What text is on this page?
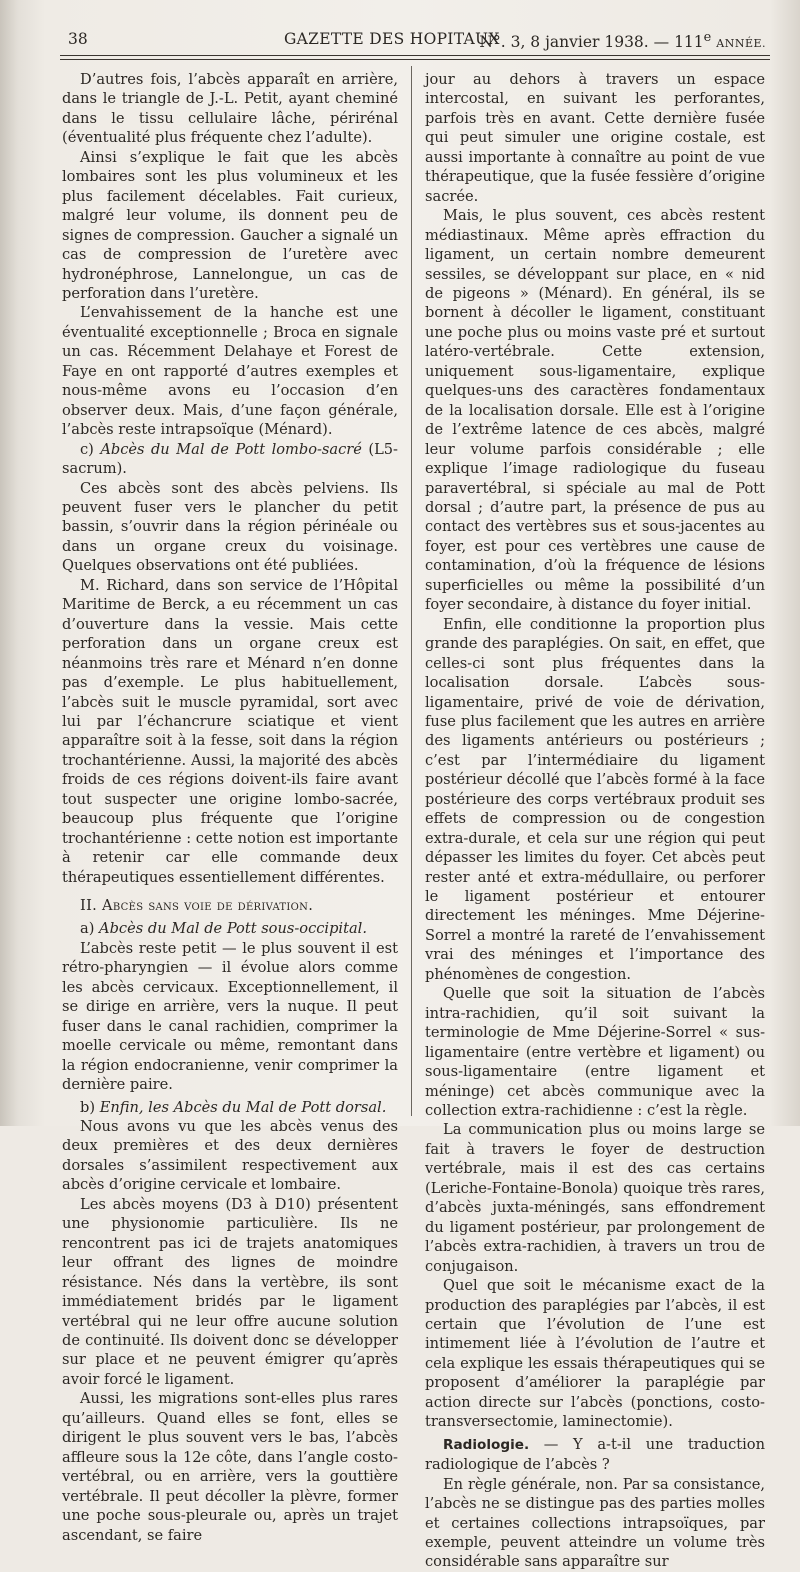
38	GAZETTE DES HOPITAUX
N°. 3, 8 janvier 1938. — 111e ANNÉE.

D’autres fois, l’abcès apparaît en arrière, dans le triangle de J.-L. Petit, ayant cheminé dans le tissu cellulaire lâche, périrénal (éventualité plus fréquente chez l’adulte).

Ainsi s’explique le fait que les abcès lombaires sont les plus volumineux et les plus facilement décelables. Fait curieux, malgré leur volume, ils donnent peu de signes de compression. Gaucher a signalé un cas de compression de l’uretère avec hydronéphrose, Lannelongue, un cas de perforation dans l’uretère.

L’envahissement de la hanche est une éventualité exceptionnelle ; Broca en signale un cas. Récemment Delahaye et Forest de Faye en ont rapporté d’autres exemples et nous-même avons eu l’occasion d’en observer deux. Mais, d’une façon générale, l’abcès reste intrapsoïque (Ménard).

c) Abcès du Mal de Pott lombo-sacré (L5-sacrum).

Ces abcès sont des abcès pelviens. Ils peuvent fuser vers le plancher du petit bassin, s’ouvrir dans la région périnéale ou dans un organe creux du voisinage. Quelques observations ont été publiées.

M. Richard, dans son service de l’Hôpital Maritime de Berck, a eu récemment un cas d’ouverture dans la vessie. Mais cette perforation dans un organe creux est néanmoins très rare et Ménard n’en donne pas d’exemple. Le plus habituellement, l’abcès suit le muscle pyramidal, sort avec lui par l’échancrure sciatique et vient apparaître soit à la fesse, soit dans la région trochantérienne. Aussi, la majorité des abcès froids de ces régions doivent-ils faire avant tout suspecter une origine lombo-sacrée, beaucoup plus fréquente que l’origine trochantérienne : cette notion est importante à retenir car elle commande deux thérapeutiques essentiellement différentes.

II. Abcès sans voie de dérivation.

a) Abcès du Mal de Pott sous-occipital.

L’abcès reste petit — le plus souvent il est rétro-pharyngien — il évolue alors comme les abcès cervicaux. Exceptionnellement, il se dirige en arrière, vers la nuque. Il peut fuser dans le canal rachidien, comprimer la moelle cervicale ou même, remontant dans la région endocranienne, venir comprimer la dernière paire.

b) Enfin, les Abcès du Mal de Pott dorsal.

Nous avons vu que les abcès venus des deux premières et des deux dernières dorsales s’assimilent respectivement aux abcès d’origine cervicale et lombaire.

Les abcès moyens (D3 à D10) présentent une physionomie particulière. Ils ne rencontrent pas ici de trajets anatomiques leur offrant des lignes de moindre résistance. Nés dans la vertèbre, ils sont immédiatement bridés par le ligament vertébral qui ne leur offre aucune solution de continuité. Ils doivent donc se développer sur place et ne peuvent émigrer qu’après avoir forcé le ligament.

Aussi, les migrations sont-elles plus rares qu’ailleurs. Quand elles se font, elles se dirigent le plus souvent vers le bas, l’abcès affleure sous la 12e côte, dans l’angle costo-vertébral, ou en arrière, vers la gouttière vertébrale. Il peut décoller la plèvre, former une poche sous-pleurale ou, après un trajet ascendant, se faire

jour au dehors à travers un espace intercostal, en suivant les perforantes, parfois très en avant. Cette dernière fusée qui peut simuler une origine costale, est aussi importante à connaître au point de vue thérapeutique, que la fusée fessière d’origine sacrée.

Mais, le plus souvent, ces abcès restent médiastinaux. Même après effraction du ligament, un certain nombre demeurent sessiles, se développant sur place, en « nid de pigeons » (Ménard). En général, ils se bornent à décoller le ligament, constituant une poche plus ou moins vaste pré et surtout latéro-vertébrale. Cette extension, uniquement sous-ligamentaire, explique quelques-uns des caractères fondamentaux de la localisation dorsale. Elle est à l’origine de l’extrême latence de ces abcès, malgré leur volume parfois considérable ; elle explique l’image radiologique du fuseau paravertébral, si spéciale au mal de Pott dorsal ; d’autre part, la présence de pus au contact des vertèbres sus et sous-jacentes au foyer, est pour ces vertèbres une cause de contamination, d’où la fréquence de lésions superficielles ou même la possibilité d’un foyer secondaire, à distance du foyer initial.

Enfin, elle conditionne la proportion plus grande des paraplégies. On sait, en effet, que celles-ci sont plus fréquentes dans la localisation dorsale. L’abcès sous-ligamentaire, privé de voie de dérivation, fuse plus facilement que les autres en arrière des ligaments antérieurs ou postérieurs ; c’est par l’intermédiaire du ligament postérieur décollé que l’abcès formé à la face postérieure des corps vertébraux produit ses effets de compression ou de congestion extra-durale, et cela sur une région qui peut dépasser les limites du foyer. Cet abcès peut rester anté et extra-médullaire, ou perforer le ligament postérieur et entourer directement les méninges. Mme Déjerine-Sorrel a montré la rareté de l’envahissement vrai des méninges et l’importance des phénomènes de congestion.

Quelle que soit la situation de l’abcès intra-rachidien, qu’il soit suivant la terminologie de Mme Déjerine-Sorrel « sus-ligamentaire (entre vertèbre et ligament) ou sous-ligamentaire (entre ligament et méninge) cet abcès communique avec la collection extra-rachidienne : c’est la règle.

La communication plus ou moins large se fait à travers le foyer de destruction vertébrale, mais il est des cas certains (Leriche-Fontaine-Bonola) quoique très rares, d’abcès juxta-méningés, sans effondrement du ligament postérieur, par prolongement de l’abcès extra-rachidien, à travers un trou de conjugaison.

Quel que soit le mécanisme exact de la production des paraplégies par l’abcès, il est certain que l’évolution de l’une est intimement liée à l’évolution de l’autre et cela explique les essais thérapeutiques qui se proposent d’améliorer la paraplégie par action directe sur l’abcès (ponctions, costo-transversectomie, laminectomie).

Radiologie. — Y a-t-il une traduction radiologique de l’abcès ?

En règle générale, non. Par sa consistance, l’abcès ne se distingue pas des parties molles et certaines collections intrapsoïques, par exemple, peuvent atteindre un volume très considérable sans apparaître sur
